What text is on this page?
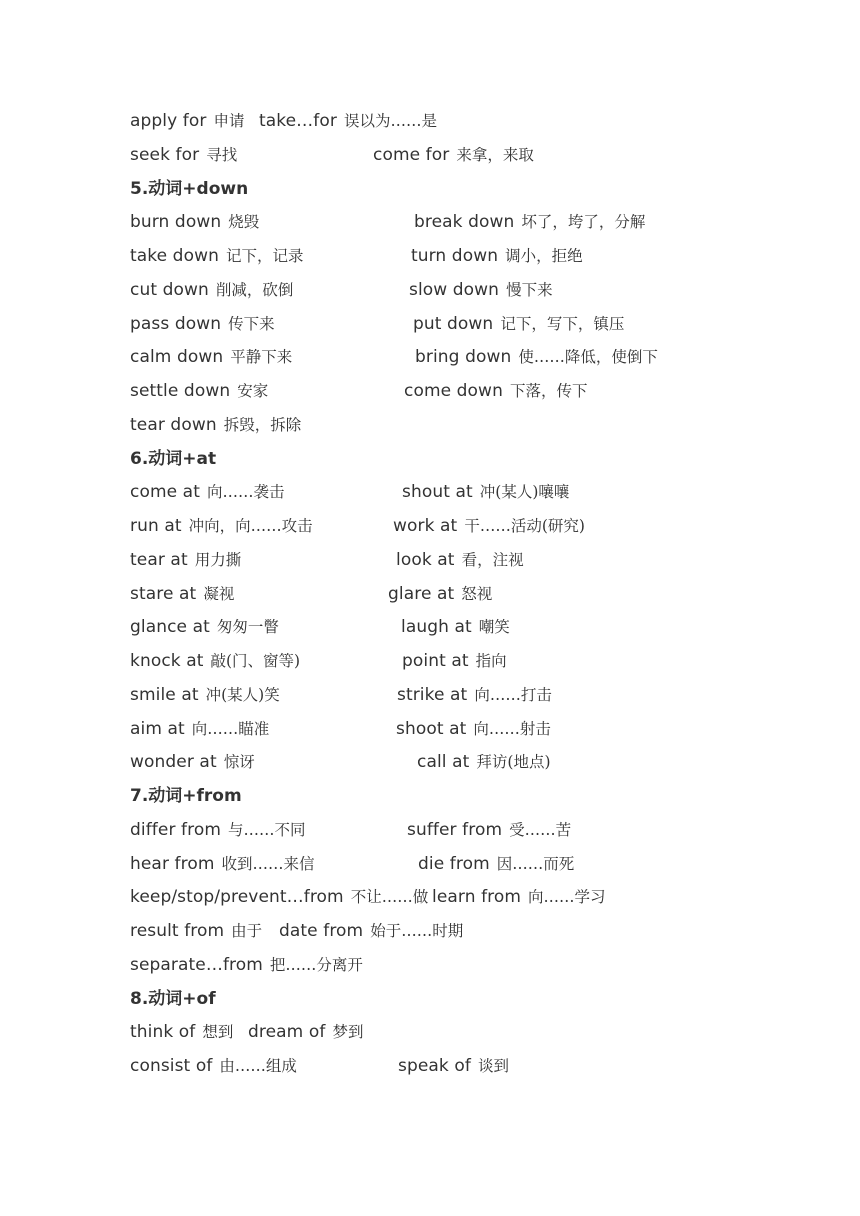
apply for 申请 take…for 误以为……是
seek for 寻找	come for 来拿，来取
5.动词+down
burn down 烧毁	break down 坏了，垮了，分解
take down 记下，记录	turn down 调小，拒绝
cut down 削减，砍倒	slow down 慢下来
pass down 传下来	put down 记下，写下，镇压
calm down 平静下来	bring down 使……降低，使倒下
settle down 安家	come down 下落，传下
tear down 拆毁，拆除
6.动词+at
come at 向……袭击	shout at 冲(某人)嚷嚷
run at 冲向，向……攻击	work at 干……活动(研究)
tear at 用力撕	look at 看，注视
stare at 凝视	glare at 怒视
glance at 匆匆一瞥	laugh at 嘲笑
knock at 敲(门、窗等)	point at 指向
smile at 冲(某人)笑	strike at 向……打击
aim at 向……瞄准	shoot at 向……射击
wonder at 惊讶	call at 拜访(地点)
7.动词+from
differ from 与……不同	suffer from 受……苦
hear from 收到……来信	die from 因……而死
keep/stop/prevent…from 不让……做 learn from 向……学习
result from 由于 date from 始于……时期
separate…from 把……分离开
8.动词+of
think of 想到 dream of 梦到
consist of 由……组成	speak of 谈到
